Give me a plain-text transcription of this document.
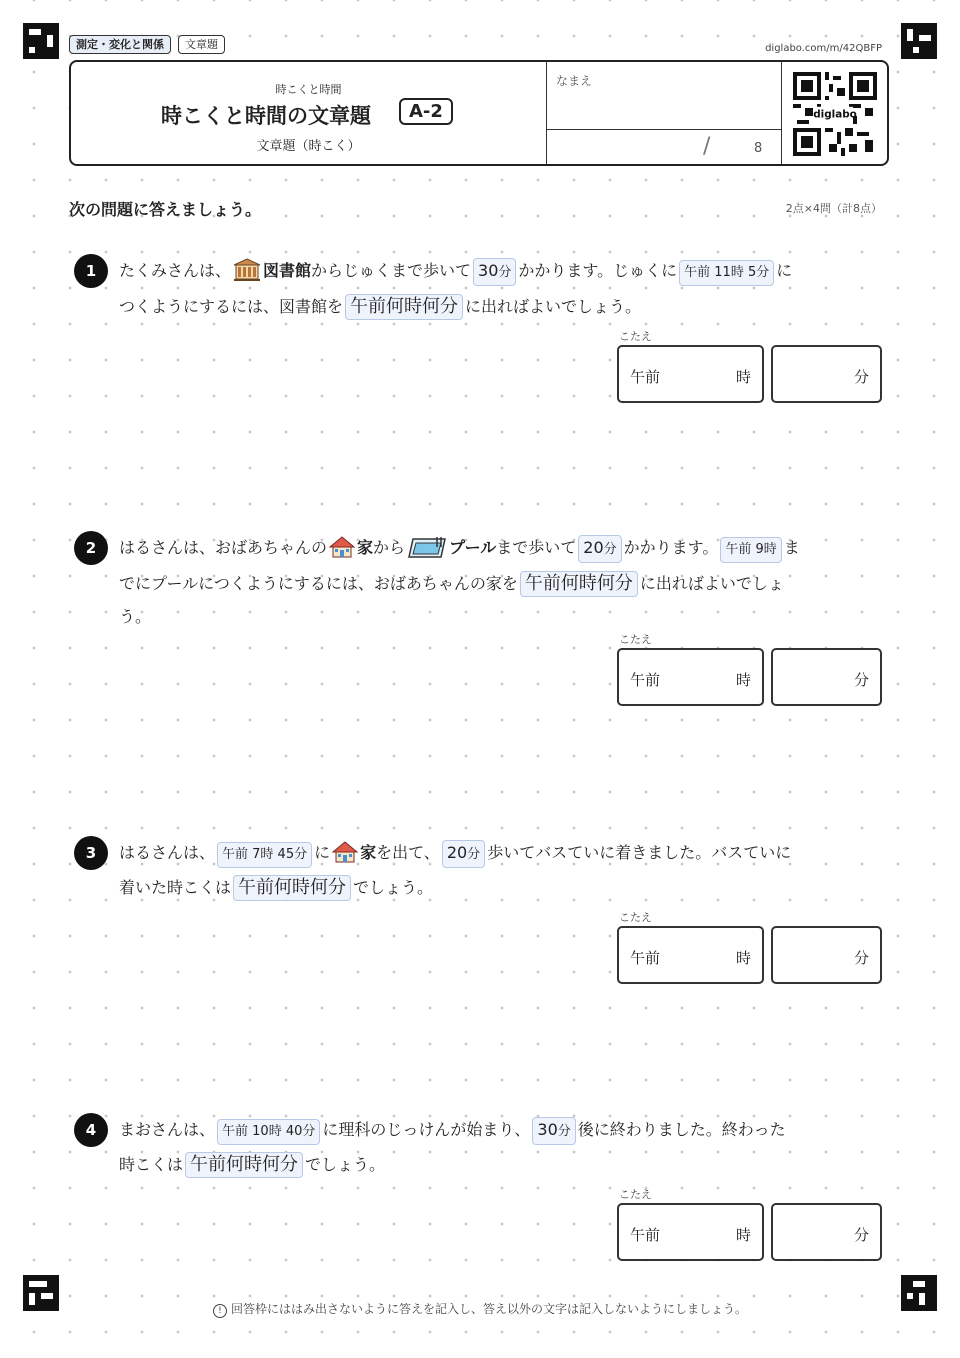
測定・変化と関係	文章題	diglabo.com/m/42QBFP
時こくと時間
時こくと時間の文章題	A-2
文章題（時こく）
なまえ
/	8
diglabo
次の問題に答えましょう。	2点×4問（計8点）
1	たくみさんは、 図書館からじゅくまで歩いて 30分 かかります。じゅくに 午前 11時 5分 に
つくようにするには、図書館を 午前何時何分 に出ればよいでしょう。
こたえ
午前	時	分
2	はるさんは、おばあちゃんの 家から	プールまで歩いて 20分 かかります。 午前 9時 ま
でにプールにつくようにするには、おばあちゃんの家を 午前何時何分 に出ればよいでしょ
う。
こたえ
午前	時	分
3	はるさんは、 午前 7時 45分 に 家を出て、 20分 歩いてバスていに着きました。バスていに
着いた時こくは 午前何時何分 でしょう。
こたえ
午前	時	分
4	まおさんは、 午前 10時 40分 に理科のじっけんが始まり、 30分 後に終わりました。終わった
時こくは 午前何時何分 でしょう。
こたえ
午前	時	分
! 回答枠にははみ出さないように答えを記入し、答え以外の文字は記入しないようにしましょう。
